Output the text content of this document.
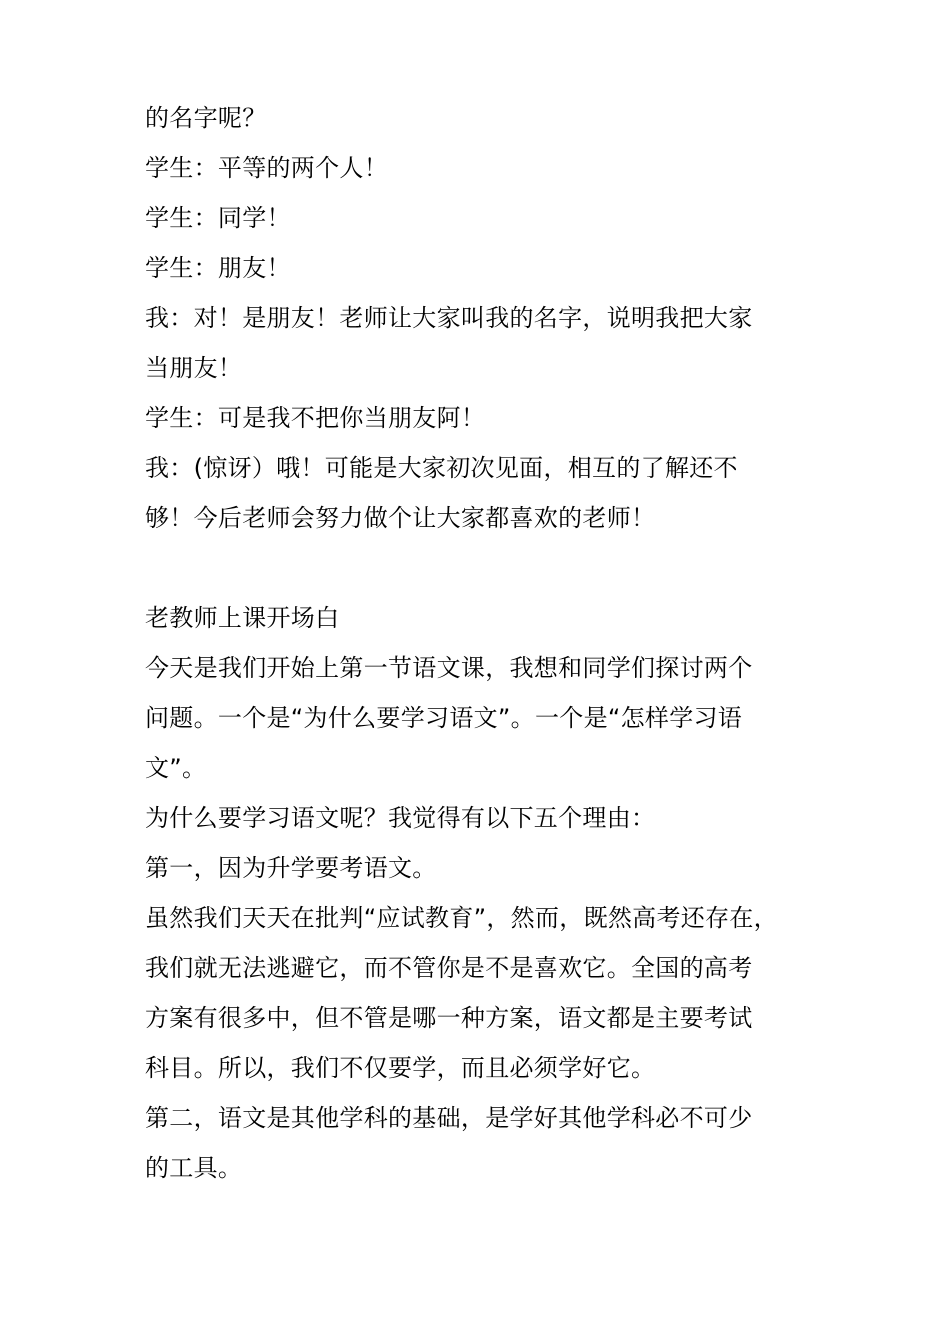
的名字呢？
学生：平等的两个人！
学生：同学！
学生：朋友！
我：对！是朋友！老师让大家叫我的名字，说明我把大家
当朋友！
学生：可是我不把你当朋友阿！
我：(惊讶）哦！可能是大家初次见面，相互的了解还不
够！今后老师会努力做个让大家都喜欢的老师！
老教师上课开场白
今天是我们开始上第一节语文课，我想和同学们探讨两个
问题。一个是“为什么要学习语文”。一个是“怎样学习语
文”。
为什么要学习语文呢？我觉得有以下五个理由：
第一，因为升学要考语文。
虽然我们天天在批判“应试教育”，然而，既然高考还存在，
我们就无法逃避它，而不管你是不是喜欢它。全国的高考
方案有很多中，但不管是哪一种方案，语文都是主要考试
科目。所以，我们不仅要学，而且必须学好它。
第二，语文是其他学科的基础，是学好其他学科必不可少
的工具。
